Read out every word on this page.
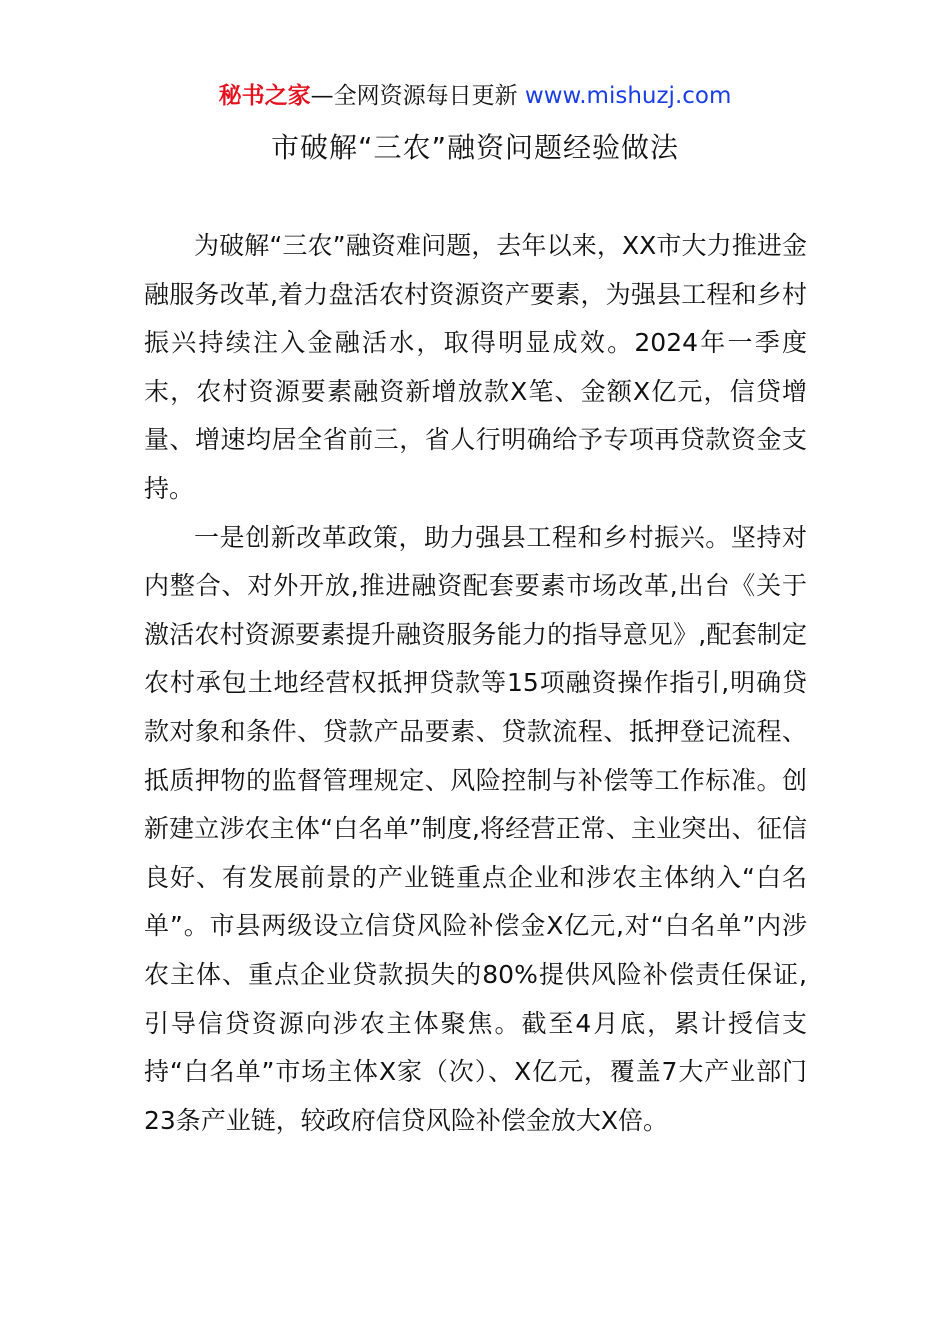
秘书之家—全网资源每日更新 www.mishuzj.com
市破解“三农”融资问题经验做法

为破解“三农”融资难问题，去年以来，XX市大力推进金融服务改革,着力盘活农村资源资产要素，为强县工程和乡村振兴持续注入金融活水，取得明显成效。2024年一季度末，农村资源要素融资新增放款X笔、金额X亿元，信贷增量、增速均居全省前三，省人行明确给予专项再贷款资金支持。

一是创新改革政策，助力强县工程和乡村振兴。坚持对内整合、对外开放,推进融资配套要素市场改革,出台《关于激活农村资源要素提升融资服务能力的指导意见》,配套制定农村承包土地经营权抵押贷款等15项融资操作指引,明确贷款对象和条件、贷款产品要素、贷款流程、抵押登记流程、抵质押物的监督管理规定、风险控制与补偿等工作标准。创新建立涉农主体“白名单”制度,将经营正常、主业突出、征信良好、有发展前景的产业链重点企业和涉农主体纳入“白名单”。市县两级设立信贷风险补偿金X亿元,对“白名单”内涉农主体、重点企业贷款损失的80%提供风险补偿责任保证,引导信贷资源向涉农主体聚焦。截至4月底，累计授信支持“白名单”市场主体X家（次）、X亿元，覆盖7大产业部门23条产业链，较政府信贷风险补偿金放大X倍。
